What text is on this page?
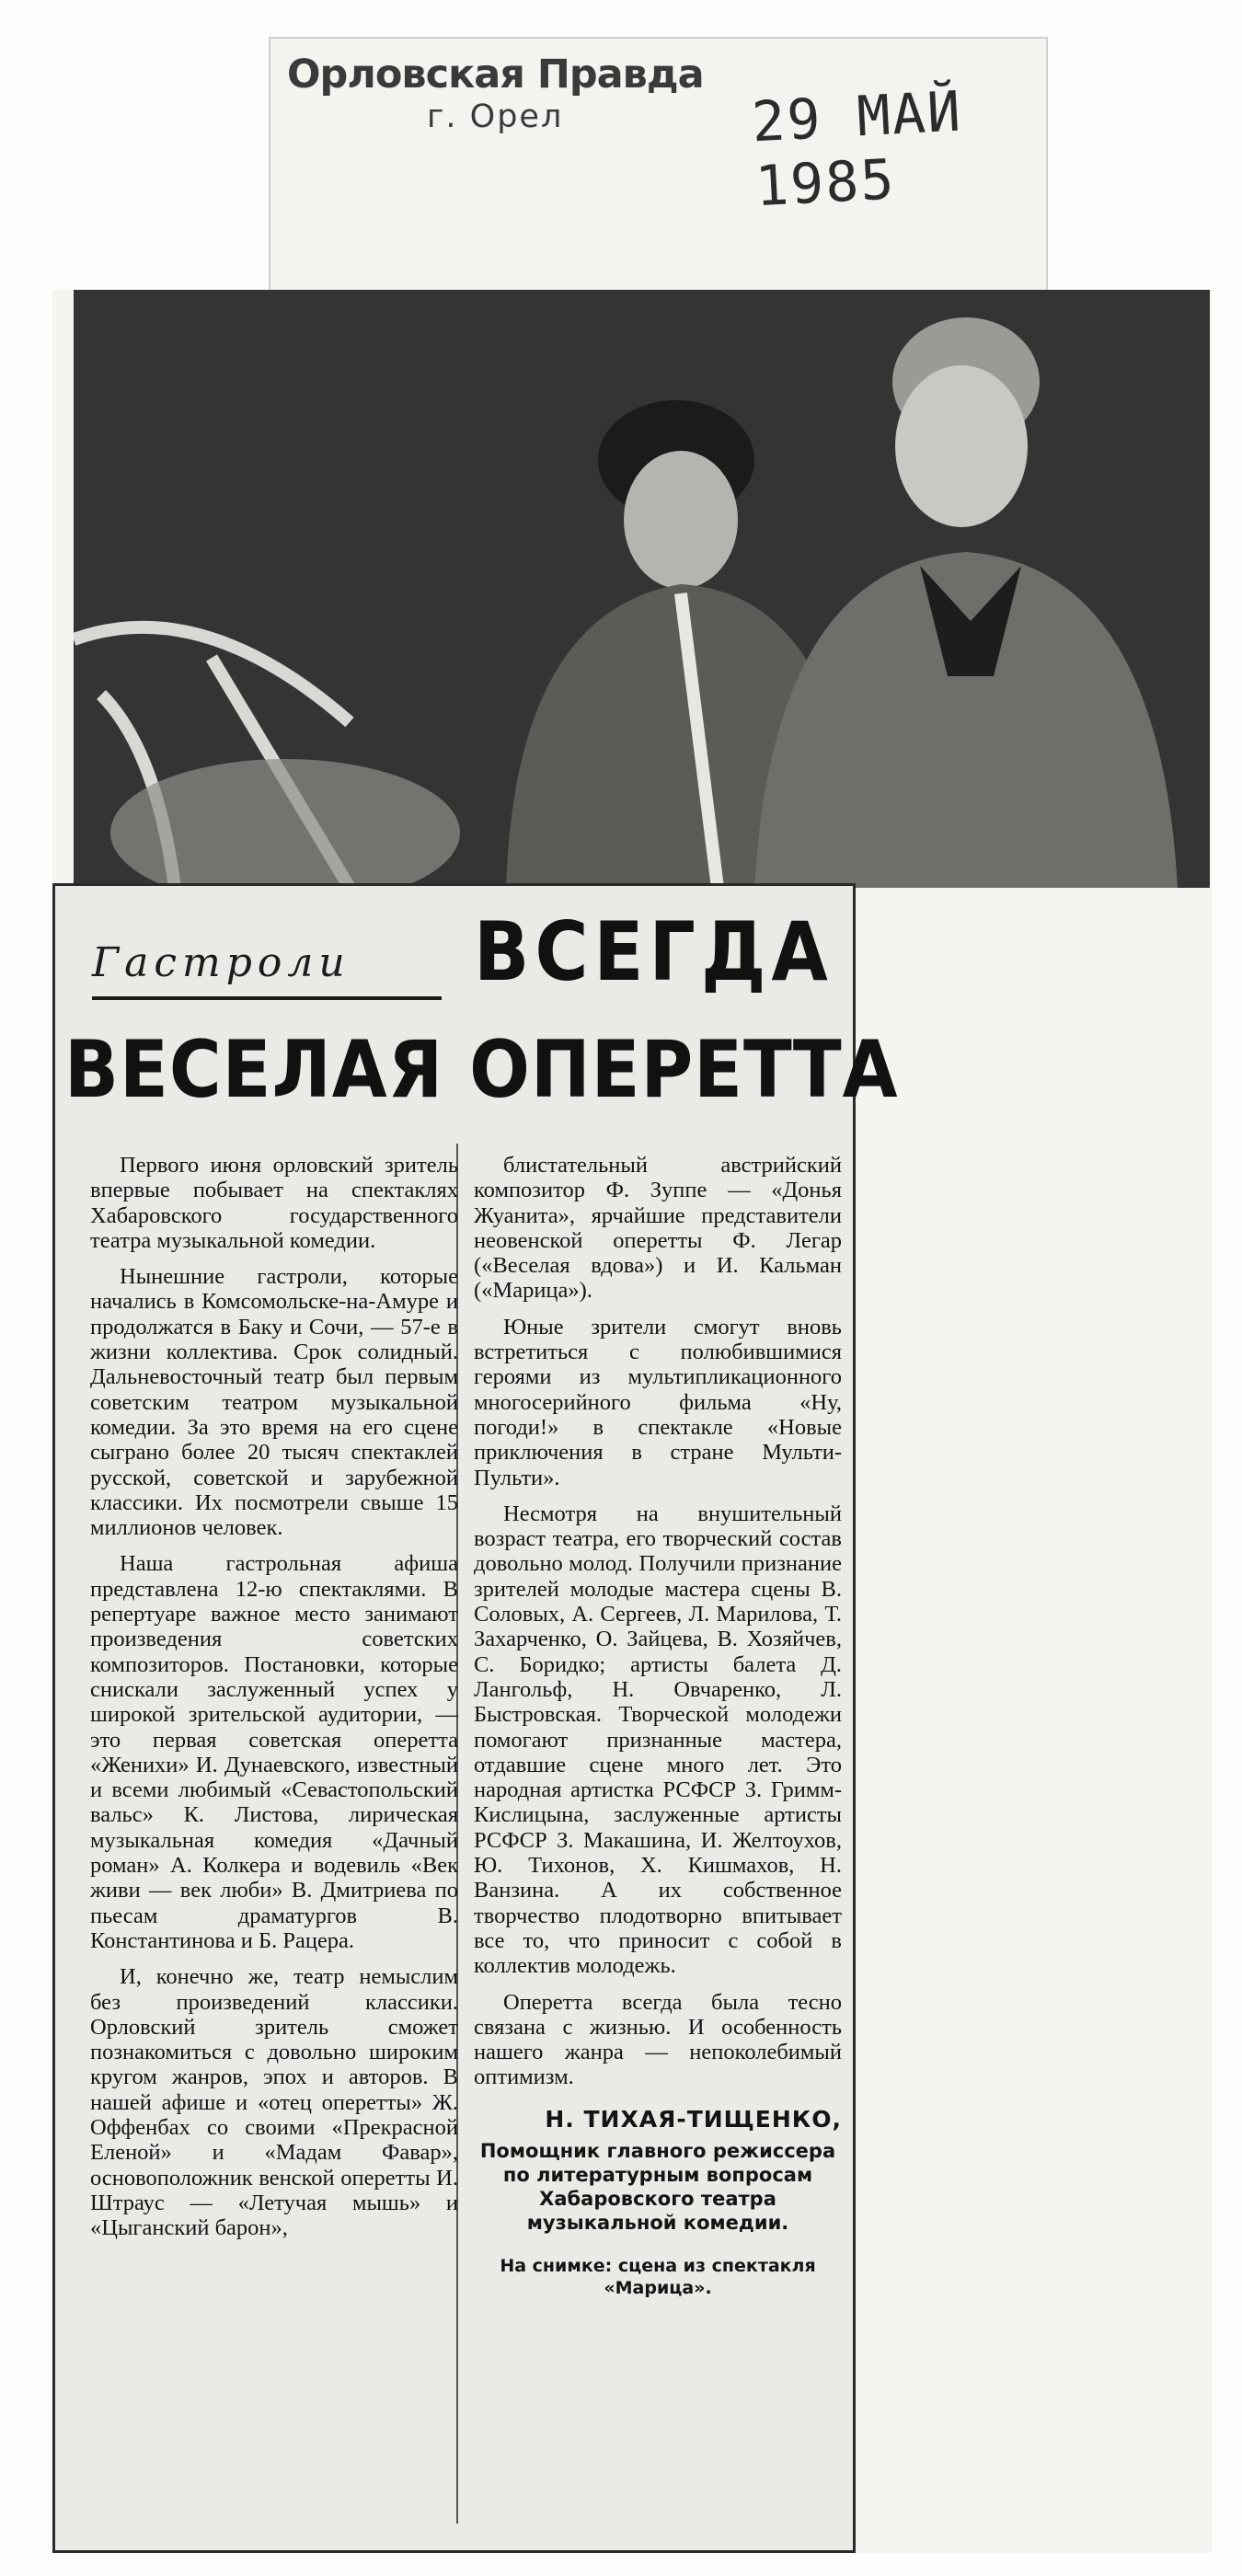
Орловская Правда
г. Орел	29 МАЙ 1985
Гастроли ВСЕГДА
ВЕСЕЛАЯ ОПЕРЕТТА

Первого июня орловский зритель впервые побывает на спектаклях Хабаровского государственного театра музыкальной комедии.

Нынешние гастроли, которые начались в Комсомольске-на-Амуре и продолжатся в Баку и Сочи, — 57-е в жизни коллектива. Срок солидный. Дальневосточный театр был первым советским театром музыкальной комедии. За это время на его сцене сыграно более 20 тысяч спектаклей русской, советской и зарубежной классики. Их посмотрели свыше 15 миллионов человек.

Наша гастрольная афиша представлена 12-ю спектаклями. В репертуаре важное место занимают произведения советских композиторов. Постановки, которые снискали заслуженный успех у широкой зрительской аудитории, — это первая советская оперетта «Женихи» И. Дунаевского, известный и всеми любимый «Севастопольский вальс» К. Листова, лирическая музыкальная комедия «Дачный роман» А. Колкера и водевиль «Век живи — век люби» В. Дмитриева по пьесам драматургов В. Константинова и Б. Рацера.

И, конечно же, театр немыслим без произведений классики. Орловский зритель сможет познакомиться с довольно широким кругом жанров, эпох и авторов. В нашей афише и «отец оперетты» Ж. Оффенбах со своими «Прекрасной Еленой» и «Мадам Фавар», основоположник венской оперетты И. Штраус — «Летучая мышь» и «Цыганский барон»,

блистательный австрийский композитор Ф. Зуппе — «Донья Жуанита», ярчайшие представители неовенской оперетты Ф. Легар («Веселая вдова») и И. Кальман («Марица»).

Юные зрители смогут вновь встретиться с полюбившимися героями из мультипликационного многосерийного фильма «Ну, погоди!» в спектакле «Новые приключения в стране Мульти-Пульти».

Несмотря на внушительный возраст театра, его творческий состав довольно молод. Получили признание зрителей молодые мастера сцены В. Соловых, А. Сергеев, Л. Марилова, Т. Захарченко, О. Зайцева, В. Хозяйчев, С. Боридко; артисты балета Д. Лангольф, Н. Овчаренко, Л. Быстровская. Творческой молодежи помогают признанные мастера, отдавшие сцене много лет. Это народная артистка РСФСР З. Гримм-Кислицына, заслуженные артисты РСФСР З. Макашина, И. Желтоухов, Ю. Тихонов, Х. Кишмахов, Н. Ванзина. А их собственное творчество плодотворно впитывает все то, что приносит с собой в коллектив молодежь.

Оперетта всегда была тесно связана с жизнью. И особенность нашего жанра — непоколебимый оптимизм.

Н. ТИХАЯ-ТИЩЕНКО,
Помощник главного режиссера по литературным вопросам Хабаровского театра музыкальной комедии.
На снимке: сцена из спектакля «Марица».
